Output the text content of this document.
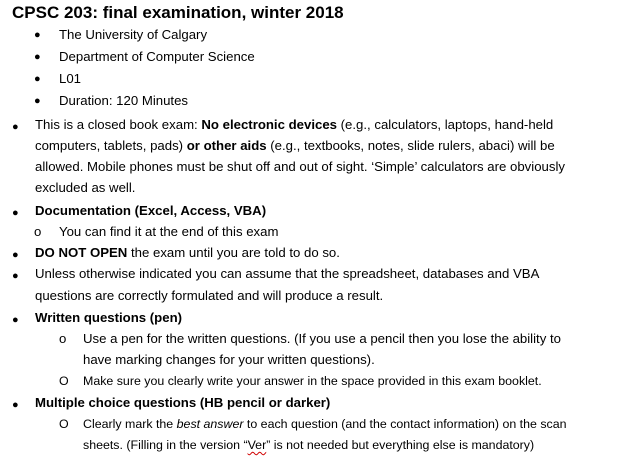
CPSC 203: final examination, winter 2018
● The University of Calgary
● Department of Computer Science
● L01
● Duration: 120 Minutes
● This is a closed book exam: No electronic devices (e.g., calculators, laptops, hand-held
computers, tablets, pads) or other aids (e.g., textbooks, notes, slide rulers, abaci) will be
allowed. Mobile phones must be shut off and out of sight. ‘Simple’ calculators are obviously
excluded as well.
● Documentation (Excel, Access, VBA)
o You can find it at the end of this exam
● DO NOT OPEN the exam until you are told to do so.
● Unless otherwise indicated you can assume that the spreadsheet, databases and VBA
questions are correctly formulated and will produce a result.
● Written questions (pen)
o Use a pen for the written questions. (If you use a pencil then you lose the ability to
have marking changes for your written questions).
O Make sure you clearly write your answer in the space provided in this exam booklet.
● Multiple choice questions (HB pencil or darker)
O Clearly mark the best answer to each question (and the contact information) on the scan
sheets. (Filling in the version “Ver” is not needed but everything else is mandatory)
